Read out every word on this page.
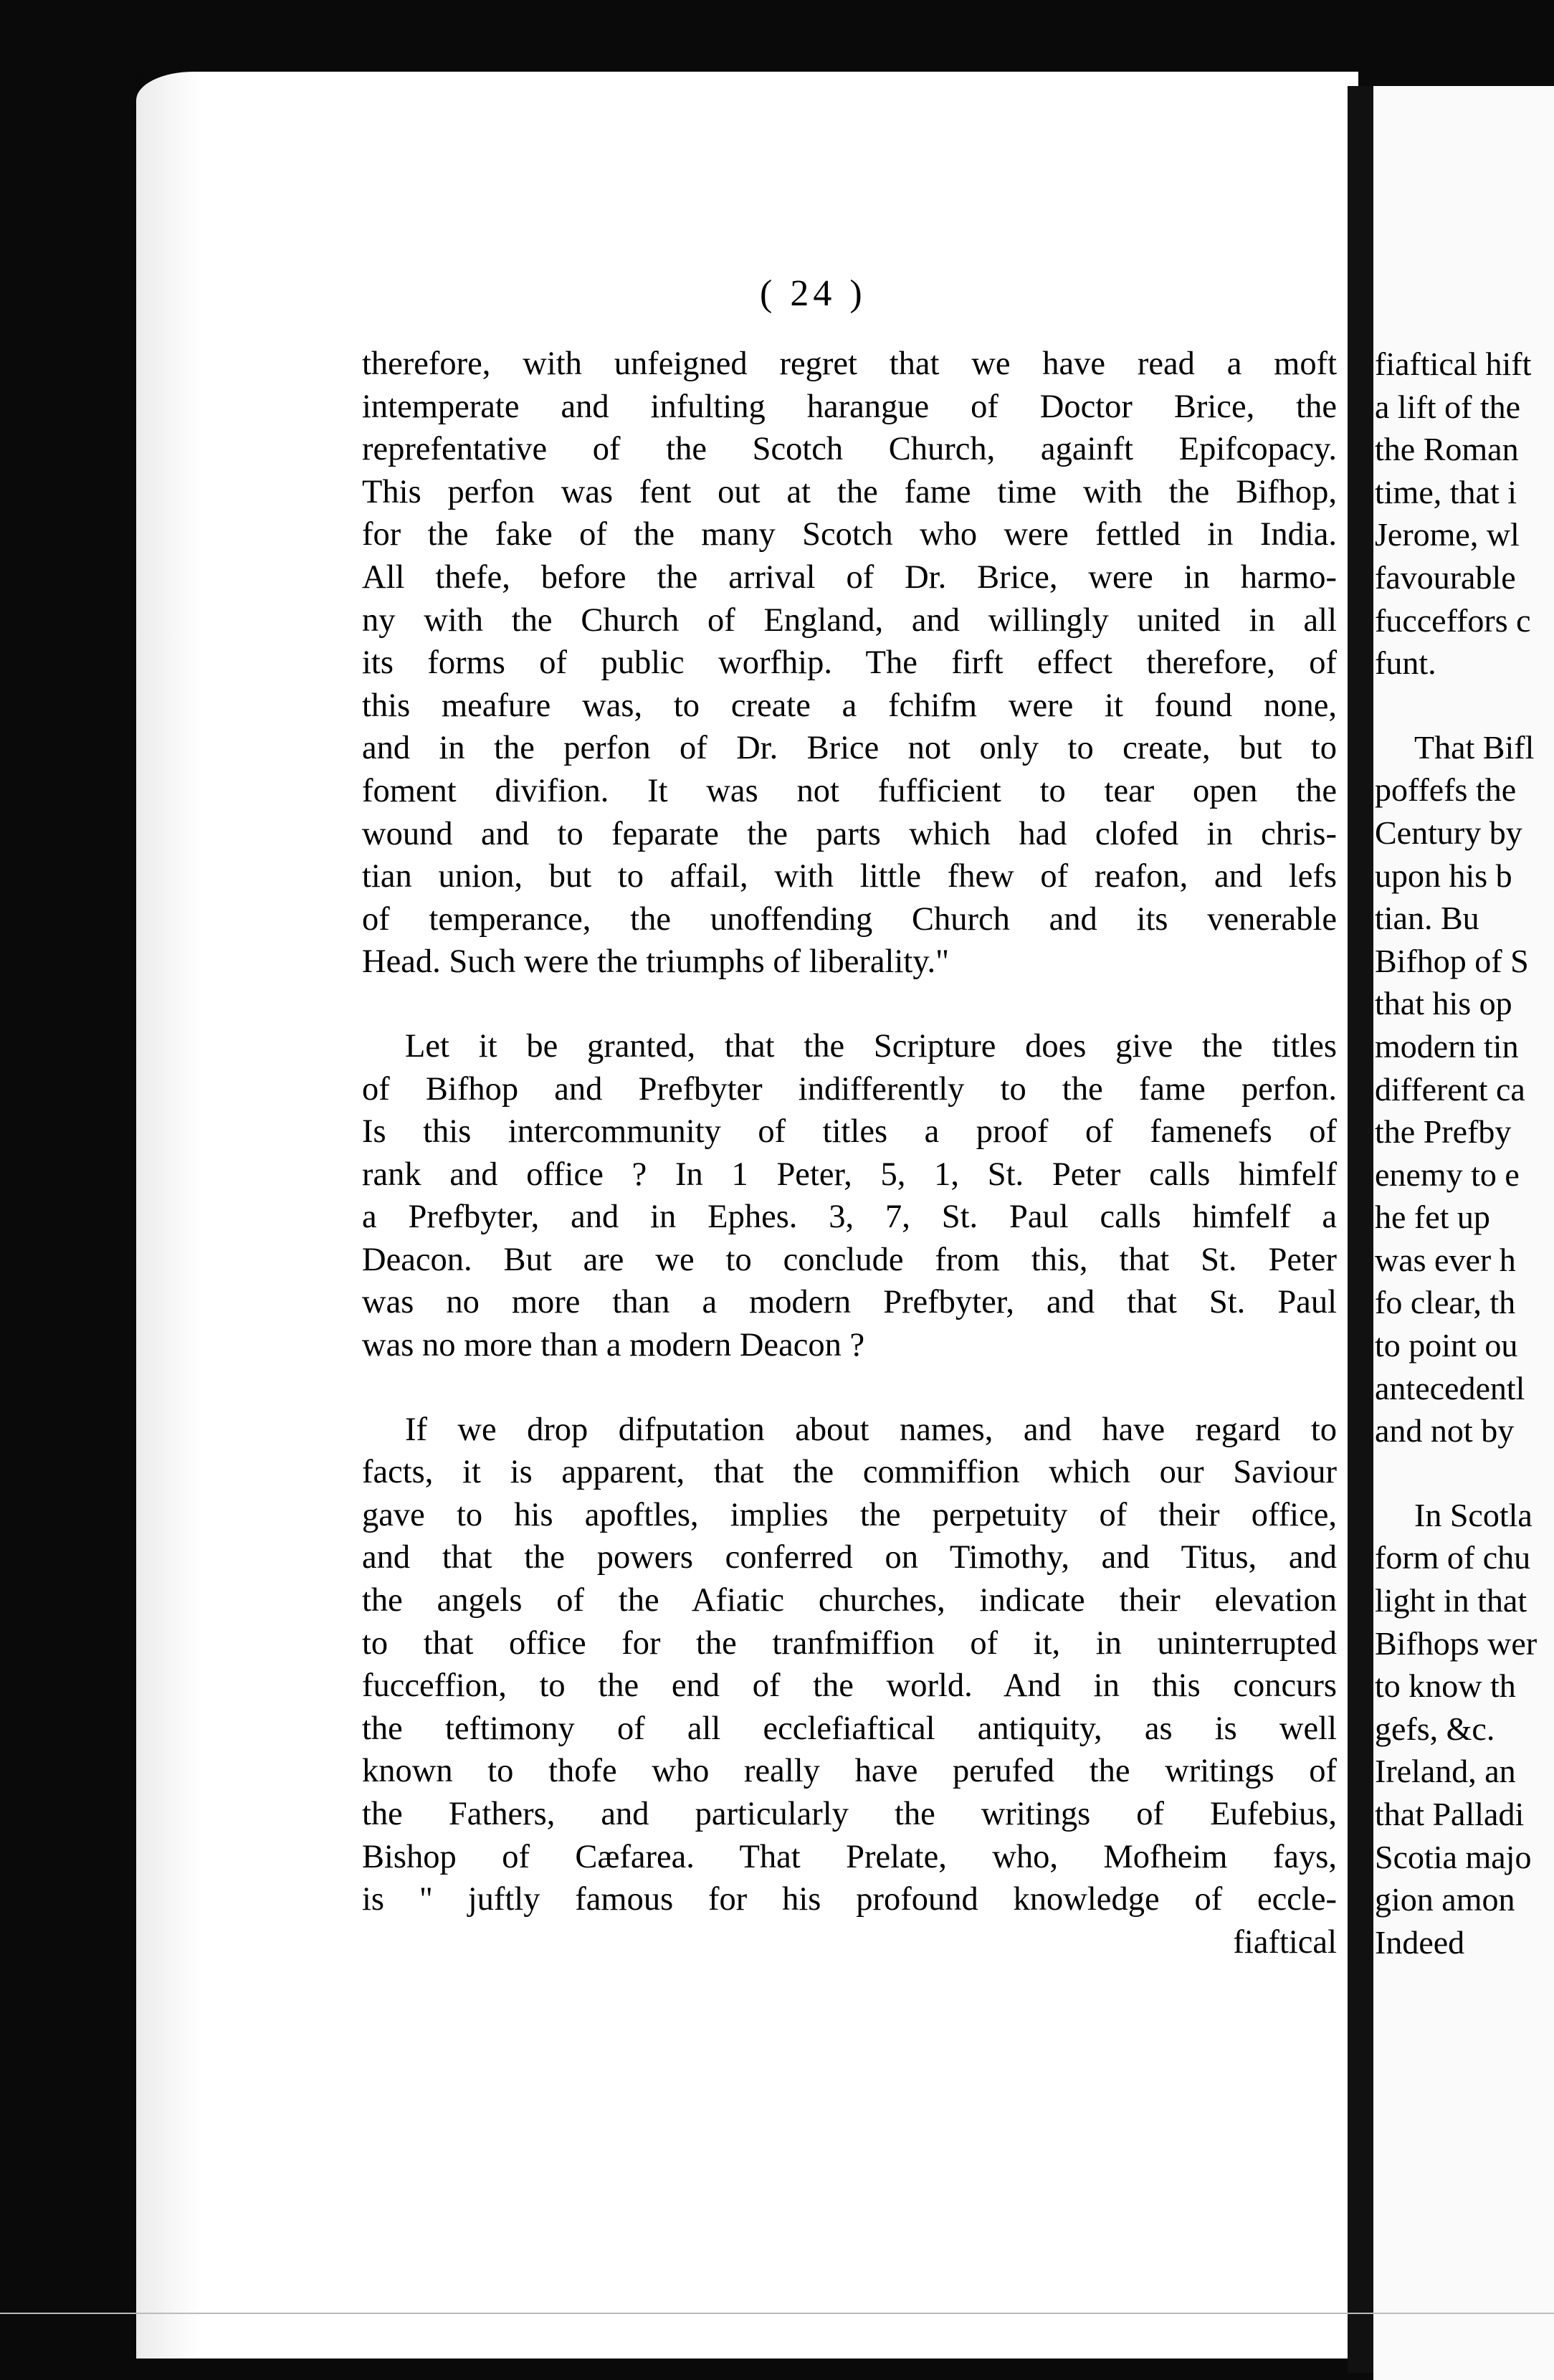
( 24 )

therefore, with unfeigned regret that we have read a moft
intemperate and infulting harangue of Doctor Brice, the
reprefentative of the Scotch Church, againft Epifcopacy.
This perfon was fent out at the fame time with the Bifhop,
for the fake of the many Scotch who were fettled in India.
All thefe, before the arrival of Dr. Brice, were in harmo-
ny with the Church of England, and willingly united in all
its forms of public worfhip. The firft effect therefore, of
this meafure was, to create a fchifm were it found none,
and in the perfon of Dr. Brice not only to create, but to
foment divifion. It was not fufficient to tear open the
wound and to feparate the parts which had clofed in chris-
tian union, but to affail, with little fhew of reafon, and lefs
of temperance, the unoffending Church and its venerable
Head. Such were the triumphs of liberality."

Let it be granted, that the Scripture does give the titles
of Bifhop and Prefbyter indifferently to the fame perfon.
Is this intercommunity of titles a proof of famenefs of
rank and office ? In 1 Peter, 5, 1, St. Peter calls himfelf
a Prefbyter, and in Ephes. 3, 7, St. Paul calls himfelf a
Deacon. But are we to conclude from this, that St. Peter
was no more than a modern Prefbyter, and that St. Paul
was no more than a modern Deacon ?

If we drop difputation about names, and have regard to
facts, it is apparent, that the commiffion which our Saviour
gave to his apoftles, implies the perpetuity of their office,
and that the powers conferred on Timothy, and Titus, and
the angels of the Afiatic churches, indicate their elevation
to that office for the tranfmiffion of it, in uninterrupted
fucceffion, to the end of the world. And in this concurs
the teftimony of all ecclefiaftical antiquity, as is well
known to thofe who really have perufed the writings of
the Fathers, and particularly the writings of Eufebius,
Bishop of Cæfarea. That Prelate, who, Mofheim fays,
is " juftly famous for his profound knowledge of eccle-

fiaftical
fiaftical hift
a lift of the
the Roman
time, that i
Jerome, wl
favourable
fucceffors c
funt.
That Bifl
poffefs the
Century by
upon his b
tian. Bu
Bifhop of S
that his op
modern tin
different ca
the Prefby
enemy to e
he fet up
was ever h
fo clear, th
to point ou
antecedentl
and not by
In Scotla
form of chu
light in that
Bifhops wer
to know th
gefs, &c.
Ireland, an
that Palladi
Scotia majo
gion amon
Indeed
